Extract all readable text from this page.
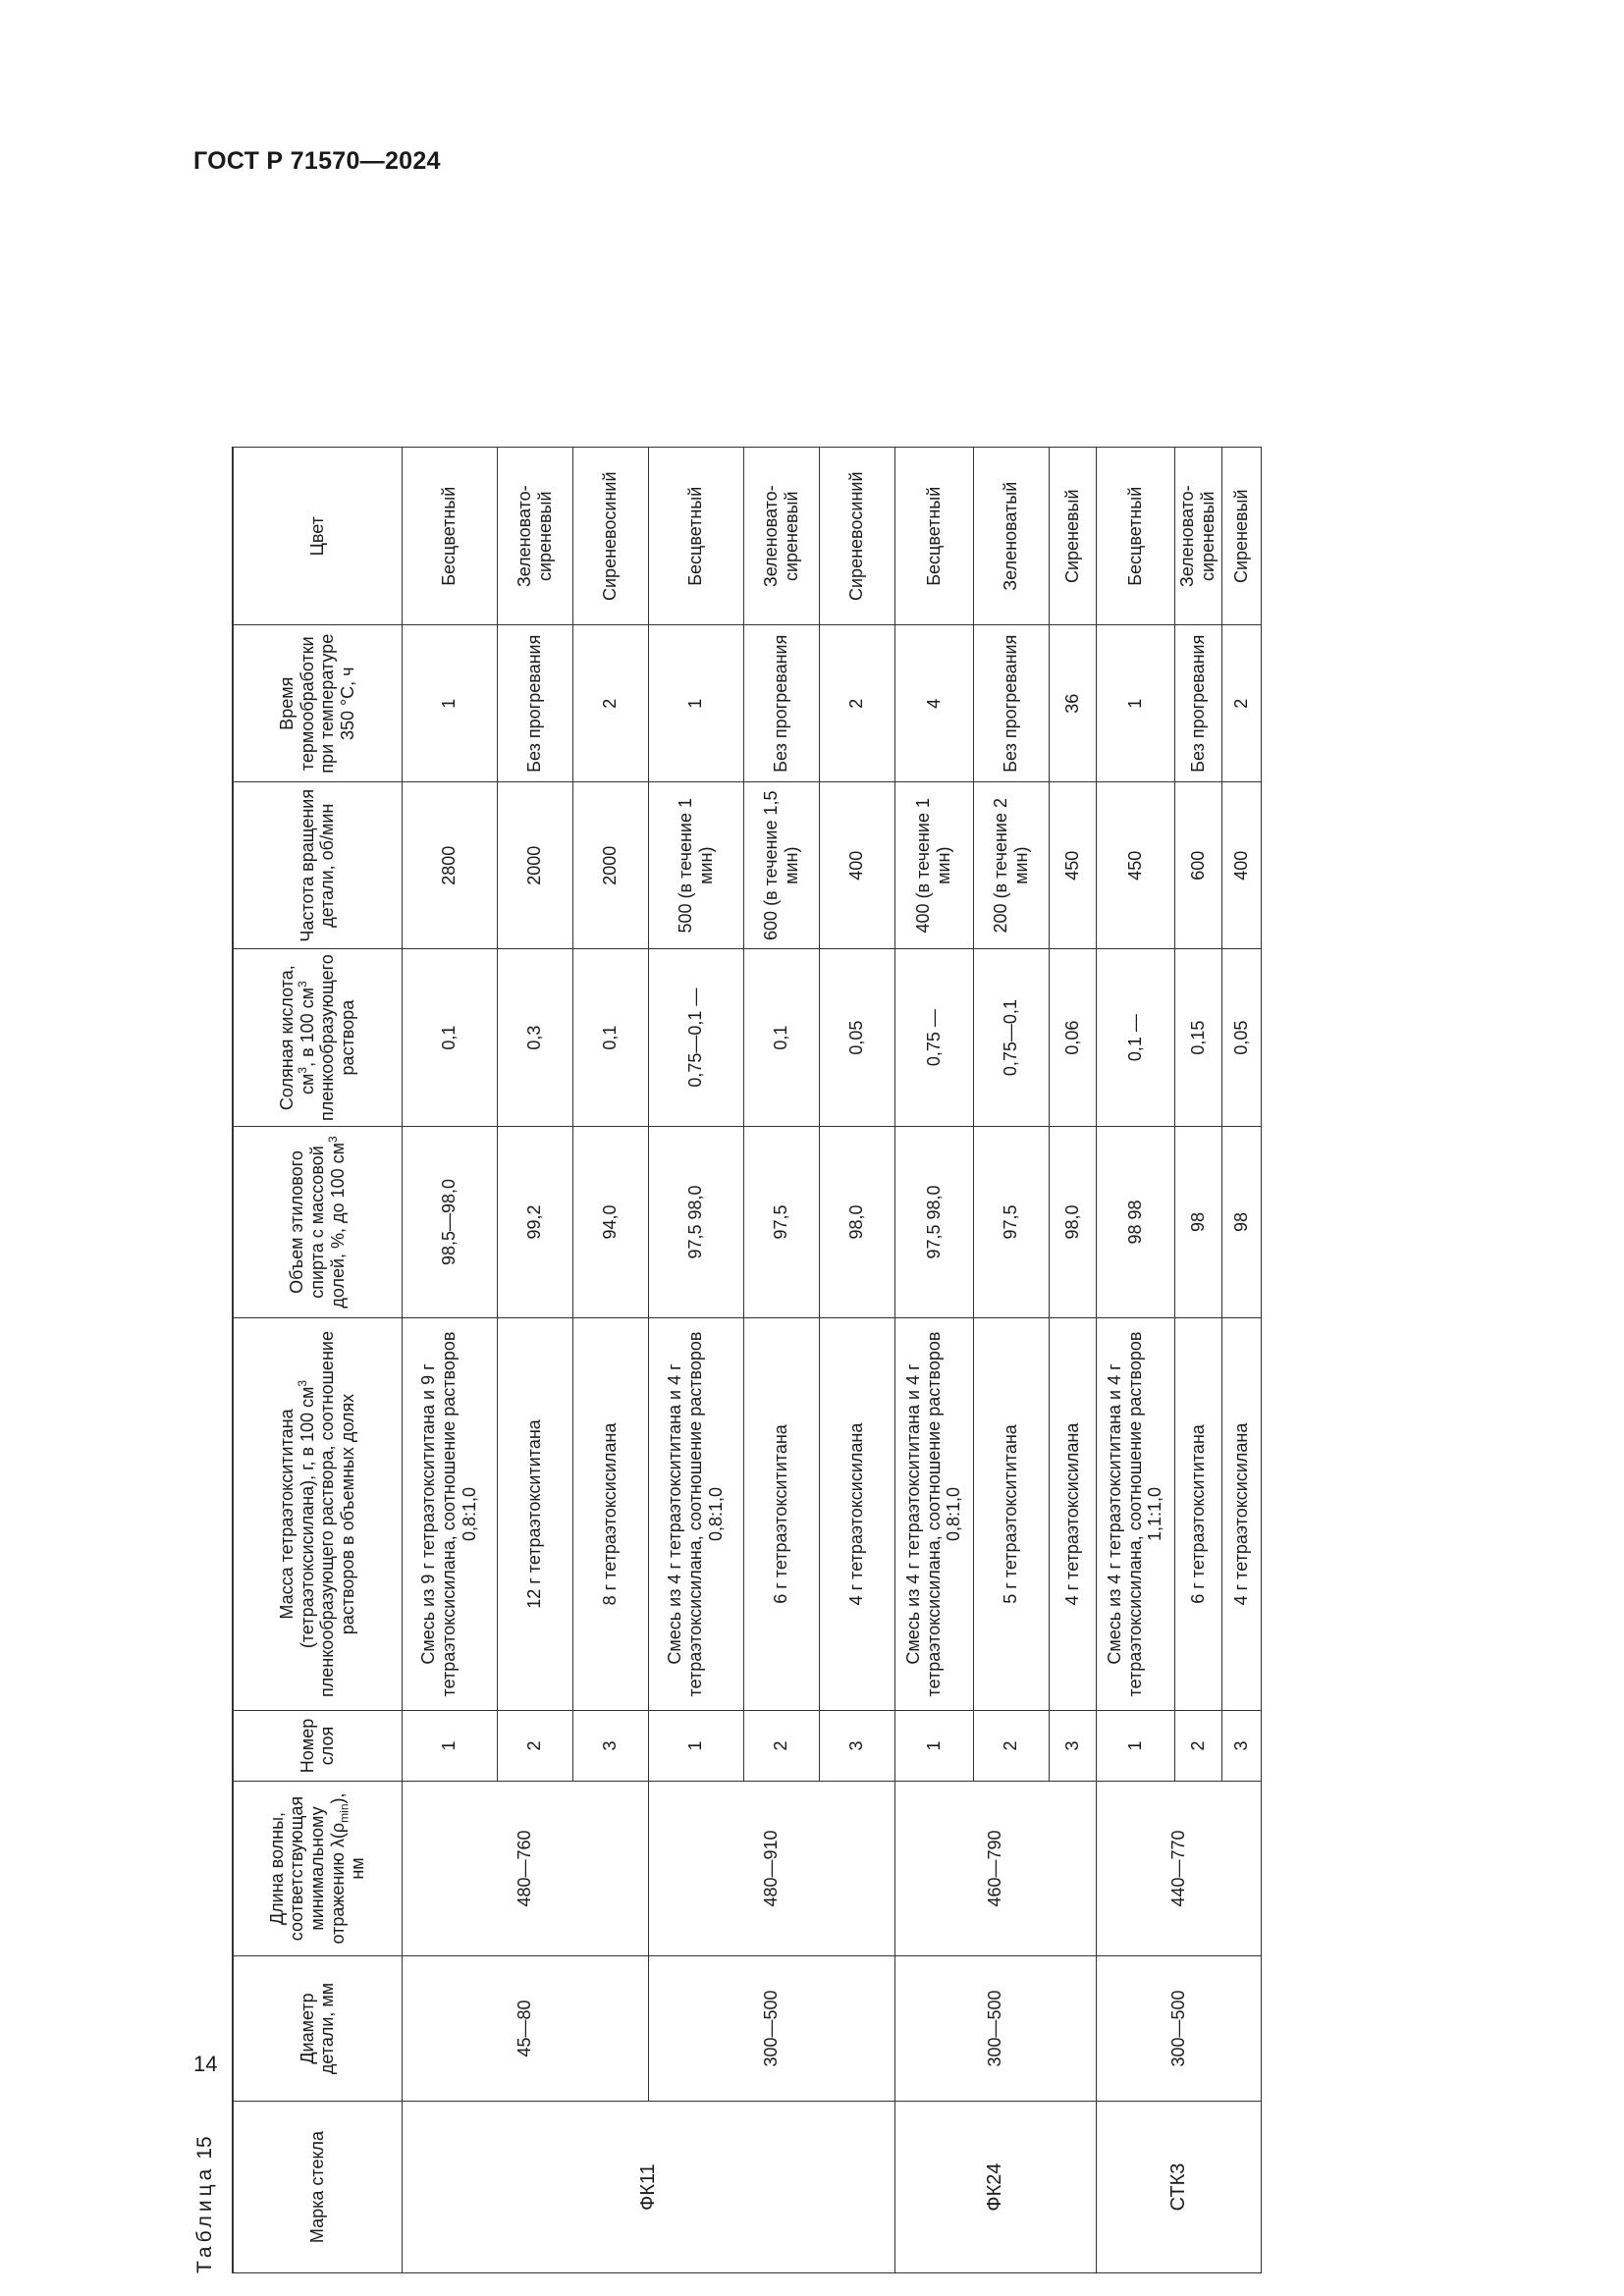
ГОСТ Р 71570—2024
14
Таблица15	Марка стекла	Диаметр детали, мм	Длина волны, соответствующая минимальному отражению $\lambda(\rho_{min})$, нм	Номер слоя	Масса тетраэтоксититана (тетраэтоксисилана), г, в 100 $см^3$ пленкообразующего раствора, соотношение растворов в объемных долях	Объем этилового спирта с массовой долей, %, до 100 $см^3$	Соляная кислота, $см^3$, в 100 $см^3$ пленкообразующего раствора	Частота вращения детали, об/мин	Время термообработки при температуре 350 °C, ч	Цвет
ФК11	45—80	480—760	1	Смесь из 9 г тетраэтоксититана и 9 г тетраэтоксисилана, соотношение растворов 0,8:1,0	98,5—98,0	0,1	2800	1	Бесцветный
			2	12 г тетраэтоксититана	99,2	0,3	2000	Без прогревания	Зеленовато-сиреневый
			3	8 г тетраэтоксисилана	94,0	0,1	2000	2	Сиреневосиний
	300—500	480—910	1	Смесь из 4 г тетраэтоксититана и 4 г тетраэтоксисилана, соотношение растворов 0,8:1,0	97,5 98,0	0,75—0,1 —	500 (в течение 1 мин)	1	Бесцветный
			2	6 г тетраэтоксититана	97,5	0,1	600 (в течение 1,5 мин)	Без прогревания	Зеленовато-сиреневый
			3	4 г тетраэтоксисилана	98,0	0,05	400	2	Сиреневосиний
ФК24	300—500	460—790	1	Смесь из 4 г тетраэтоксититана и 4 г тетраэтоксисилана, соотношение растворов 0,8:1,0	97,5 98,0	0,75 —	400 (в течение 1 мин)	4	Бесцветный
			2	5 г тетраэтоксититана	97,5	0,75—0,1	200 (в течение 2 мин)	Без прогревания	Зеленоватый
			3	4 г тетраэтоксисилана	98,0	0,06	450	36	Сиреневый
СТК3	300—500	440—770	1	Смесь из 4 г тетраэтоксититана и 4 г тетраэтоксисилана, соотношение растворов 1,1:1,0	98 98	0,1 —	450	1	Бесцветный
			2	6 г тетраэтоксититана	98	0,15	600	Без прогревания	Зеленовато-сиреневый
			3	4 г тетраэтоксисилана	98	0,05	400	2	Сиреневый
